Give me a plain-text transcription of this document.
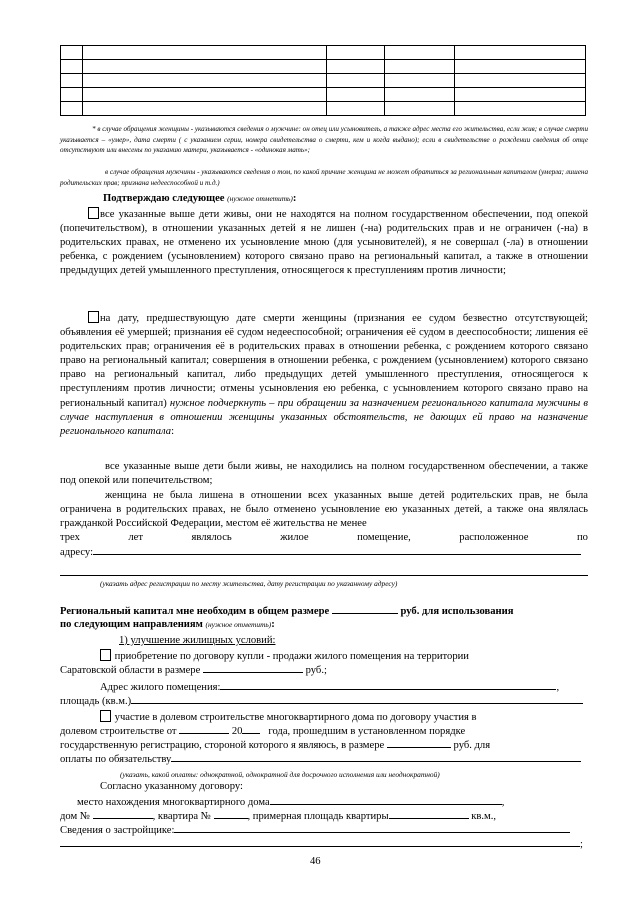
* в случае обращения женщины - указываются сведения о мужчине: он отец или усыновитель, а также адрес места его жительства, если жив; в случае смерти указывается – «умер», дата смерти ( с указанием серии, номера свидетельства о смерти, кем и когда выдано); если в свидетельстве о рождении сведения об отце отсутствуют или внесены по указанию матери, указывается - «одинокая мать»;
в случае обращения мужчины - указываются сведения о том, по какой причине женщина не может обратиться за региональным капиталом (умерла; лишена родительских прав; признана недееспособной и т.д.)
Подтверждаю следующее (нужное отметить):
все указанные выше дети живы, они не находятся на полном государственном обеспечении, под опекой (попечительством), в отношении указанных детей я не лишен (-на) родительских прав и не ограничен (-на) в родительских правах, не отменено их усыновление мною (для усыновителей), я не совершал (-ла) в отношении ребенка, с рождением (усыновлением) которого связано право на региональный капитал, а также в отношении предыдущих детей умышленного преступления, относящегося к преступлениям против личности;
на дату, предшествующую дате смерти женщины (признания ее судом безвестно отсутствующей; объявления её умершей; признания её судом недееспособной; ограничения её судом в дееспособности; лишения её родительских прав; ограничения её в родительских правах в отношении ребенка, с рождением которого связано право на региональный капитал; совершения в отношении ребенка, с рождением (усыновлением) которого связано право на региональный капитал, либо предыдущих детей умышленного преступления, относящегося к преступлениям против личности; отмены усыновления ею ребенка, с усыновлением которого связано право на региональный капитал) нужное подчеркнуть – при обращении за назначением регионального капитала мужчины в случае наступления в отношении женщины указанных обстоятельств, не дающих ей право на назначение регионального капитала:
все указанные выше дети были живы, не находились на полном государственном обеспечении, а также под опекой или попечительством;
женщина не была лишена в отношении всех указанных выше детей родительских прав, не была ограничена в родительских правах, не было отменено усыновление ею указанных детей, а также она являлась гражданкой Российской Федерации, местом её жительства не менее
трех	лет	являлось	жилое	помещение,	расположенное	по
адресу:
(указать адрес регистрации по месту жительства, дату регистрации по указанному адресу)
Региональный капитал мне необходим в общем размере	руб. для использования
по следующим направлениям (нужное отметить):
1) улучшение жилищных условий:
приобретение по договору купли - продажи жилого помещения на территории
Саратовской области в размере	руб.;
Адрес жилого помещения:	,
площадь (кв.м.)
участие в долевом строительстве многоквартирного дома по договору участия в
долевом строительстве от	20 года, прошедшим в установленном порядке
государственную регистрацию, стороной которого я являюсь, в размере	руб. для
оплаты по обязательству
(указать, какой оплаты: однократной, однократной для досрочного исполнения или неоднократной)
Согласно указанному договору:
место нахождения многоквартирного дома	,
дом №	, квартира №	, примерная площадь квартиры	кв.м.,
Сведения о застройщике:
;
46
